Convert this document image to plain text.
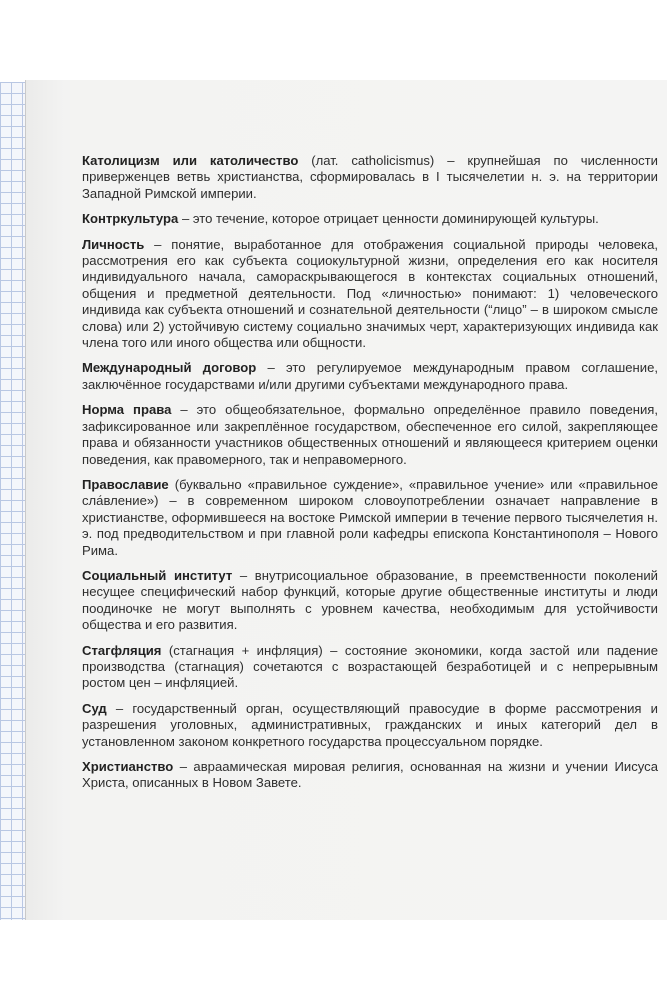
Католицизм или католичество (лат. catholicismus) – крупнейшая по численности приверженцев ветвь христианства, сформировалась в I тысячелетии н. э. на территории Западной Римской империи.

Контркультура – это течение, которое отрицает ценности доминирующей культуры.

Личность – понятие, выработанное для отображения социальной природы человека, рассмотрения его как субъекта социокультурной жизни, определения его как носителя индивидуального начала, самораскрывающегося в контекстах социальных отношений, общения и предметной деятельности. Под «личностью» понимают: 1) человеческого индивида как субъекта отношений и сознательной деятельности (“лицо” – в широком смысле слова) или 2) устойчивую систему социально значимых черт, характеризующих индивида как члена того или иного общества или общности.

Международный договор – это регулируемое международным правом соглашение, заключённое государствами и/или другими субъектами международного права.

Норма права – это общеобязательное, формально определённое правило поведения, зафиксированное или закреплённое государством, обеспеченное его силой, закрепляющее права и обязанности участников общественных отношений и являющееся критерием оценки поведения, как правомерного, так и неправомерного.

Православие (буквально «правильное суждение», «правильное учение» или «правильное сла́вление») – в современном широком словоупотреблении означает направление в христианстве, оформившееся на востоке Римской империи в течение первого тысячелетия н. э. под предводительством и при главной роли кафедры епископа Константинополя – Нового Рима.

Социальный институт – внутрисоциальное образование, в преемственности поколений несущее специфический набор функций, которые другие общественные институты и люди поодиночке не могут выполнять с уровнем качества, необходимым для устойчивости общества и его развития.

Стагфляция (стагнация + инфляция) – состояние экономики, когда застой или падение производства (стагнация) сочетаются с возрастающей безработицей и с непрерывным ростом цен – инфляцией.

Суд – государственный орган, осуществляющий правосудие в форме рассмотрения и разрешения уголовных, административных, гражданских и иных категорий дел в установленном законом конкретного государства процессуальном порядке.

Христианство – авраамическая мировая религия, основанная на жизни и учении Иисуса Христа, описанных в Новом Завете.
